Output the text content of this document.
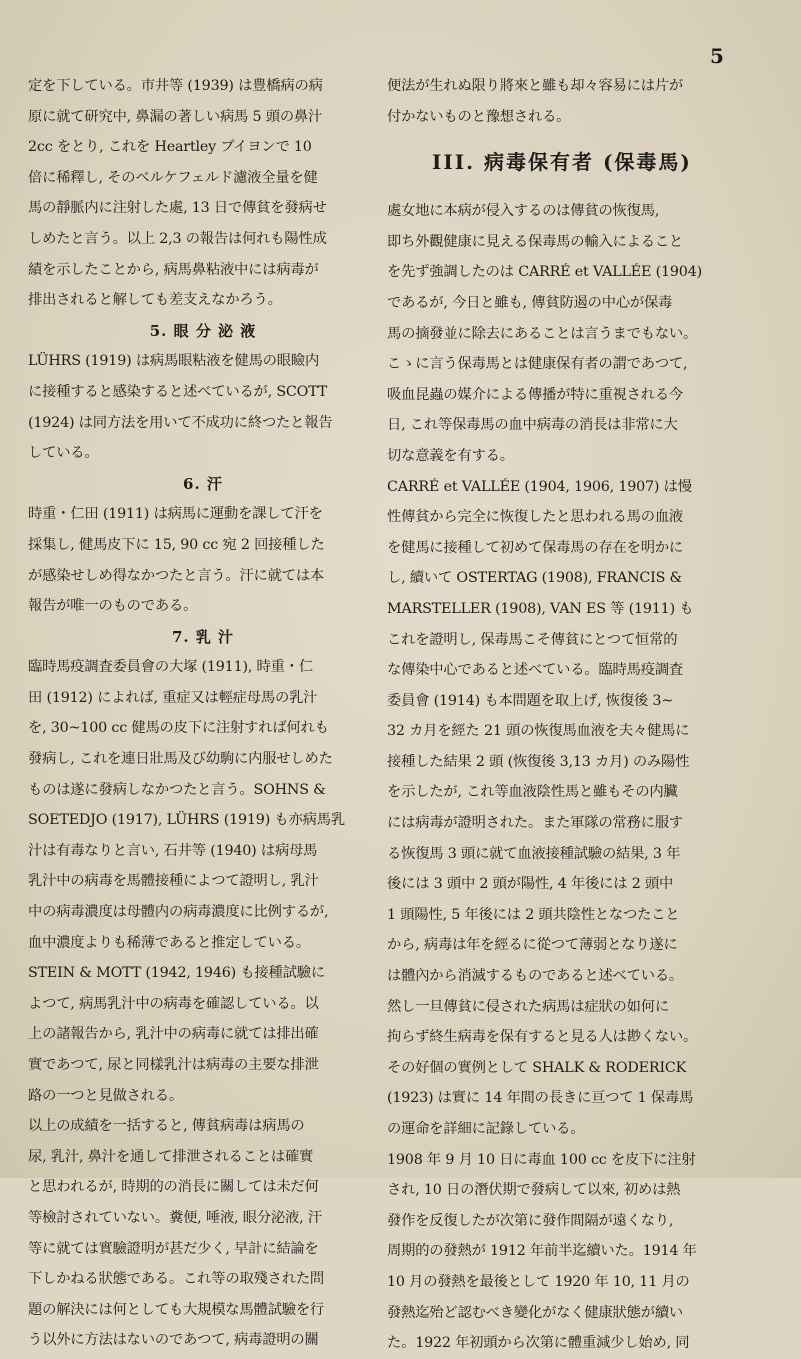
5
定を下している。市井等 (1939) は豊橋病の病
原に就て研究中, 鼻漏の著しい病馬 5 頭の鼻汁
2cc をとり, これを Heartley ブイヨンで 10
倍に稀釋し, そのベルケフェルド濾液全量を健
馬の靜脈内に注射した處, 13 日で傳貧を發病せ
しめたと言う。以上 2,3 の報告は何れも陽性成
績を示したことから, 病馬鼻粘液中には病毒が
排出されると解しても差支えなかろう。
5. 眼 分 泌 液
LÜHRS (1919) は病馬眼粘液を健馬の眼瞼内
に接種すると感染すると述べているが, SCOTT
(1924) は同方法を用いて不成功に終つたと報告
している。
6. 汗
時重・仁田 (1911) は病馬に運動を課して汗を
採集し, 健馬皮下に 15, 90 cc 宛 2 回接種した
が感染せしめ得なかつたと言う。汗に就ては本
報告が唯一のものである。
7. 乳 汁
臨時馬疫調査委員會の大塚 (1911), 時重・仁
田 (1912) によれば, 重症又は輕症母馬の乳汁
を, 30~100 cc 健馬の皮下に注射すれば何れも
發病し, これを連日壯馬及び幼駒に内服せしめた
ものは遂に發病しなかつたと言う。SOHNS &
SOETEDJO (1917), LÜHRS (1919) も亦病馬乳
汁は有毒なりと言い, 石井等 (1940) は病母馬
乳汁中の病毒を馬體接種によつて證明し, 乳汁
中の病毒濃度は母體内の病毒濃度に比例するが,
血中濃度よりも稀薄であると推定している。
STEIN & MOTT (1942, 1946) も接種試驗に
よつて, 病馬乳汁中の病毒を確認している。以
上の諸報告から, 乳汁中の病毒に就ては排出確
實であつて, 尿と同樣乳汁は病毒の主要な排泄
路の一つと見做される。
以上の成績を一括すると, 傳貧病毒は病馬の
尿, 乳汁, 鼻汁を通して排泄されることは確實
と思われるが, 時期的の消長に關しては未だ何
等檢討されていない。糞便, 唾液, 眼分泌液, 汗
等に就ては實驗證明が甚だ少く, 早計に結論を
下しかねる狀態である。これ等の取殘された問
題の解決には何としても大規模な馬體試驗を行
う以外に方法はないのであつて, 病毒證明の關
便法が生れぬ限り將來と雖も却々容易には片が
付かないものと豫想される。
III. 病毒保有者 (保毒馬)
處女地に本病が侵入するのは傳貧の恢復馬,
即ち外觀健康に見える保毒馬の輸入によること
を先ず強調したのは CARRÉ et VALLÉE (1904)
であるが, 今日と雖も, 傳貧防遏の中心が保毒
馬の摘發並に除去にあることは言うまでもない。
こゝに言う保毒馬とは健康保有者の謂であつて,
吸血昆蟲の媒介による傳播が特に重視される今
日, これ等保毒馬の血中病毒の消長は非常に大
切な意義を有する。
CARRÉ et VALLÉE (1904, 1906, 1907) は慢
性傳貧から完全に恢復したと思われる馬の血液
を健馬に接種して初めて保毒馬の存在を明かに
し, 續いて OSTERTAG (1908), FRANCIS &
MARSTELLER (1908), VAN ES 等 (1911) も
これを證明し, 保毒馬こそ傳貧にとつて恒常的
な傳染中心であると述べている。臨時馬疫調査
委員會 (1914) も本問題を取上げ, 恢復後 3~
32 カ月を經た 21 頭の恢復馬血液を夫々健馬に
接種した結果 2 頭 (恢復後 3,13 カ月) のみ陽性
を示したが, これ等血液陰性馬と雖もその内臟
には病毒が證明された。また軍隊の常務に服す
る恢復馬 3 頭に就て血液接種試驗の結果, 3 年
後には 3 頭中 2 頭が陽性, 4 年後には 2 頭中
1 頭陽性, 5 年後には 2 頭共陰性となつたこと
から, 病毒は年を經るに從つて薄弱となり遂に
は體內から消滅するものであると述べている。
然し一旦傳貧に侵された病馬は症狀の如何に
拘らず終生病毒を保有すると見る人は尠くない。
その好個の實例として SHALK & RODERICK
(1923) は實に 14 年間の長きに亘つて 1 保毒馬
の運命を詳細に記錄している。
1908 年 9 月 10 日に毒血 100 cc を皮下に注射
され, 10 日の潛伏期で發病して以來, 初めは熱
發作を反復したが次第に發作間隔が遠くなり,
周期的の發熱が 1912 年前半迄續いた。1914 年
10 月の發熱を最後として 1920 年 10, 11 月の
發熱迄殆ど認むべき變化がなく健康狀態が續い
た。1922 年初頭から次第に體重減少し始め, 同
